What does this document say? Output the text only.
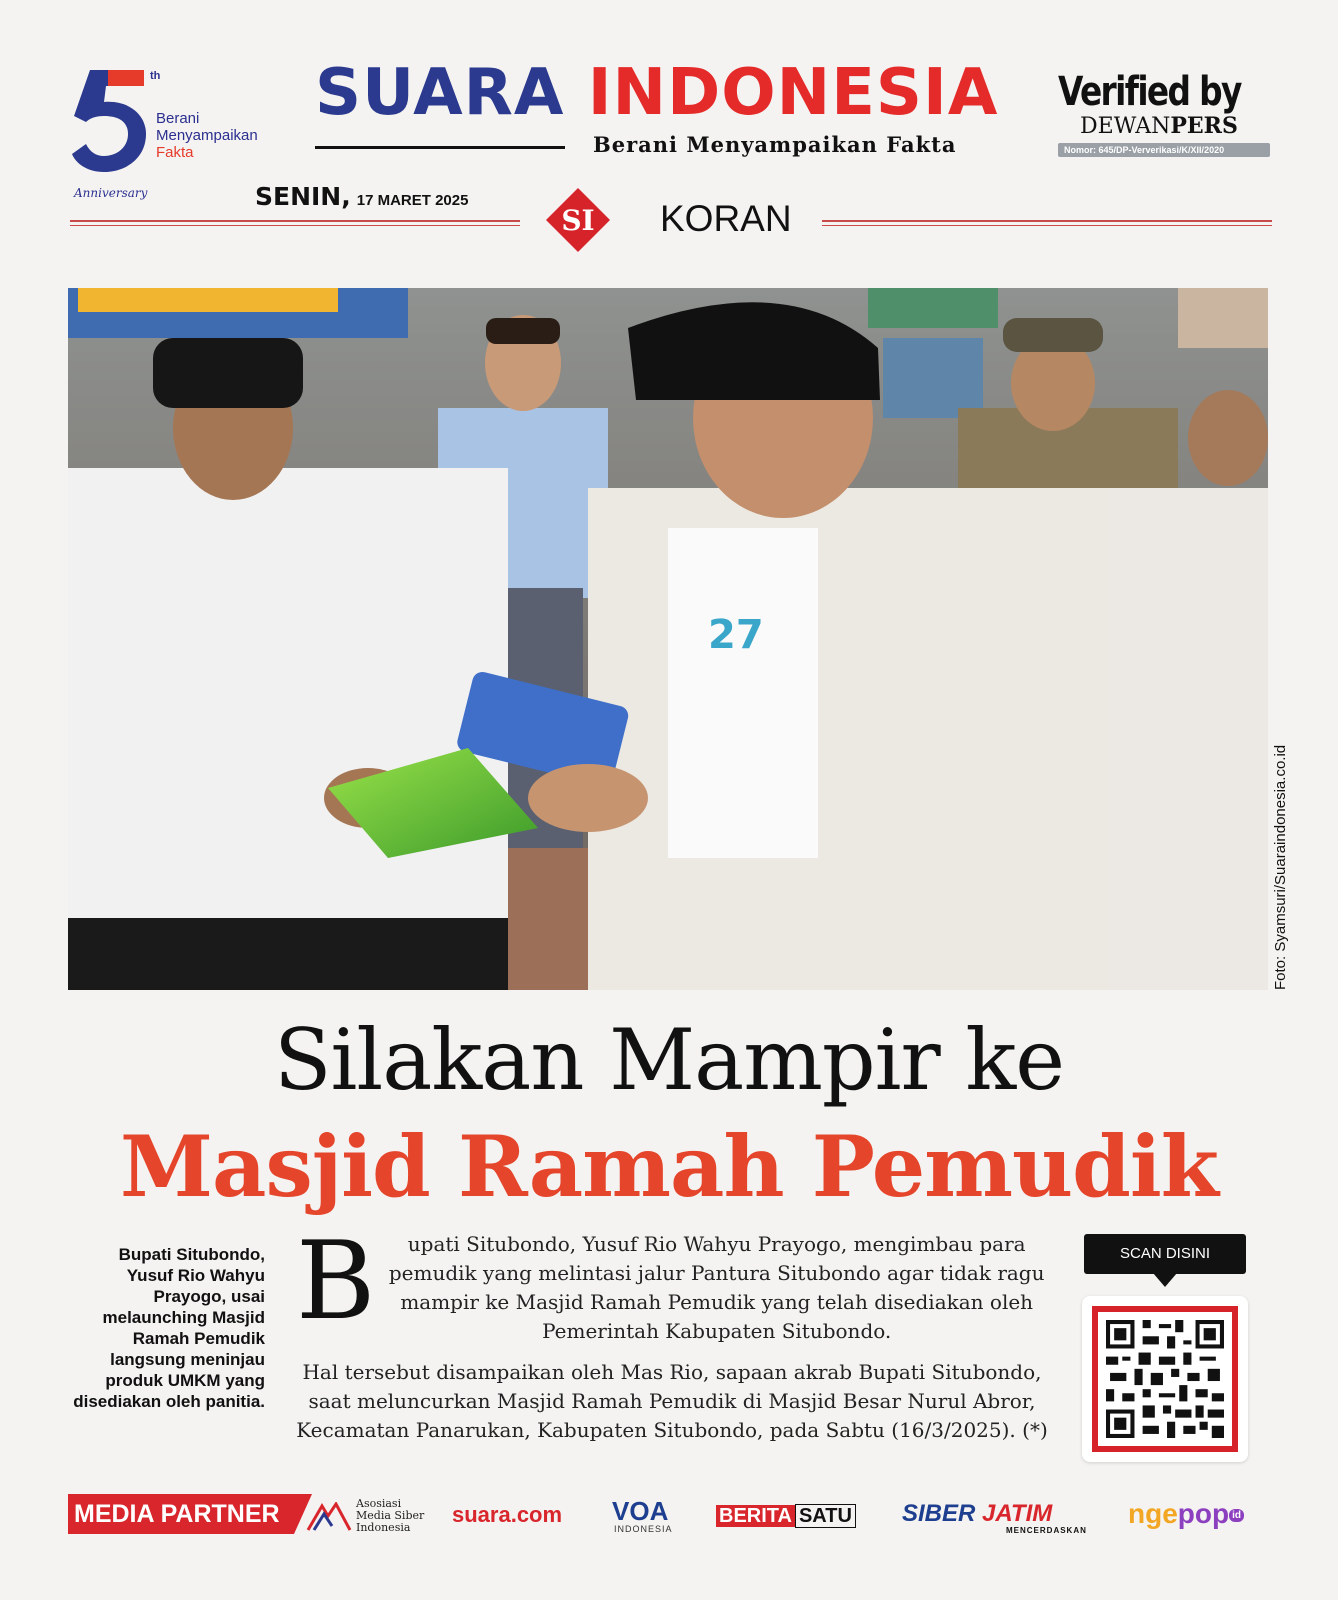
th
Berani
Menyampaikan
Fakta
Anniversary
SUARA INDONESIA
Berani Menyampaikan Fakta
Verified by
DEWANPERS
Nomor: 645/DP-Ververikasi/K/XII/2020
SENIN, 17 MARET 2025
SI KORAN
27
Foto: Syamsuri/Suaraindonesia.co.id
Silakan Mampir ke
Masjid Ramah Pemudik
Bupati Situbondo, Yusuf Rio Wahyu Prayogo, usai melaunching Masjid Ramah Pemudik langsung meninjau produk UMKM yang disediakan oleh panitia.
B	upati Situbondo, Yusuf Rio Wahyu Prayogo, mengimbau para pemudik yang melintasi jalur Pantura Situbondo agar tidak ragu mampir ke Masjid Ramah Pemudik yang telah disediakan oleh Pemerintah Kabupaten Situbondo.

Hal tersebut disampaikan oleh Mas Rio, sapaan akrab Bupati Situbondo, saat meluncurkan Masjid Ramah Pemudik di Masjid Besar Nurul Abror, Kecamatan Panarukan, Kabupaten Situbondo, pada Sabtu (16/3/2025). (*)

SCAN DISINI
MEDIA PARTNER	Asosiasi
Media Siber
Indonesia
suara.com VOA
INDONESIA
BERITA SATU SIBER JATIM
MENCERDASKAN
ngepop id
